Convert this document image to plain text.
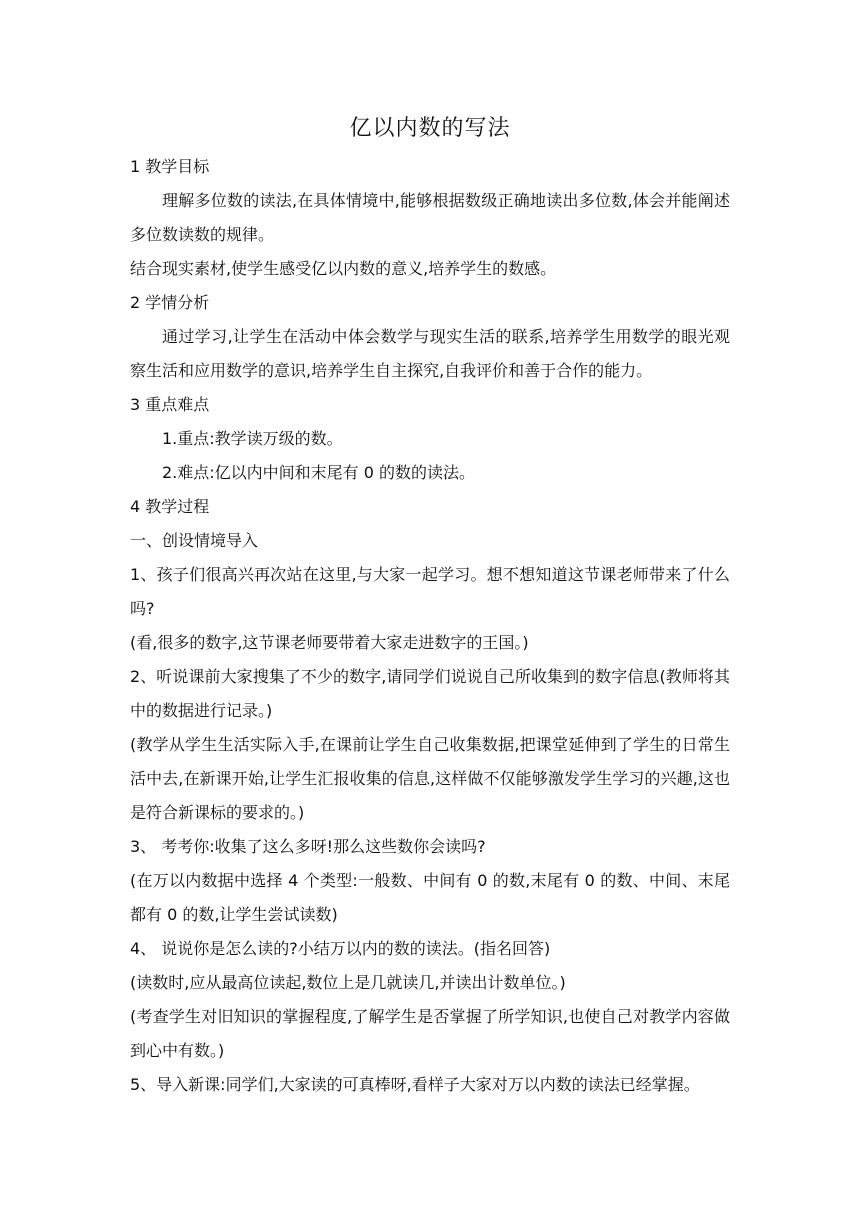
亿以内数的写法

1 教学目标

理解多位数的读法,在具体情境中,能够根据数级正确地读出多位数,体会并能阐述多位数读数的规律。

结合现实素材,使学生感受亿以内数的意义,培养学生的数感。

2 学情分析

通过学习,让学生在活动中体会数学与现实生活的联系,培养学生用数学的眼光观察生活和应用数学的意识,培养学生自主探究,自我评价和善于合作的能力。

3 重点难点

1.重点:教学读万级的数。

2.难点:亿以内中间和末尾有 0 的数的读法。

4 教学过程

一、创设情境导入

1、孩子们很高兴再次站在这里,与大家一起学习。想不想知道这节课老师带来了什么吗?

(看,很多的数字,这节课老师要带着大家走进数字的王国。)

2、听说课前大家搜集了不少的数字,请同学们说说自己所收集到的数字信息(教师将其中的数据进行记录。)

(教学从学生生活实际入手,在课前让学生自己收集数据,把课堂延伸到了学生的日常生活中去,在新课开始,让学生汇报收集的信息,这样做不仅能够激发学生学习的兴趣,这也是符合新课标的要求的。)

3、 考考你:收集了这么多呀!那么这些数你会读吗?

(在万以内数据中选择 4 个类型:一般数、中间有 0 的数,末尾有 0 的数、中间、末尾都有 0 的数,让学生尝试读数)

4、 说说你是怎么读的?小结万以内的数的读法。(指名回答)

(读数时,应从最高位读起,数位上是几就读几,并读出计数单位。)

(考查学生对旧知识的掌握程度,了解学生是否掌握了所学知识,也使自己对教学内容做到心中有数。)

5、导入新课:同学们,大家读的可真棒呀,看样子大家对万以内数的读法已经掌握。
